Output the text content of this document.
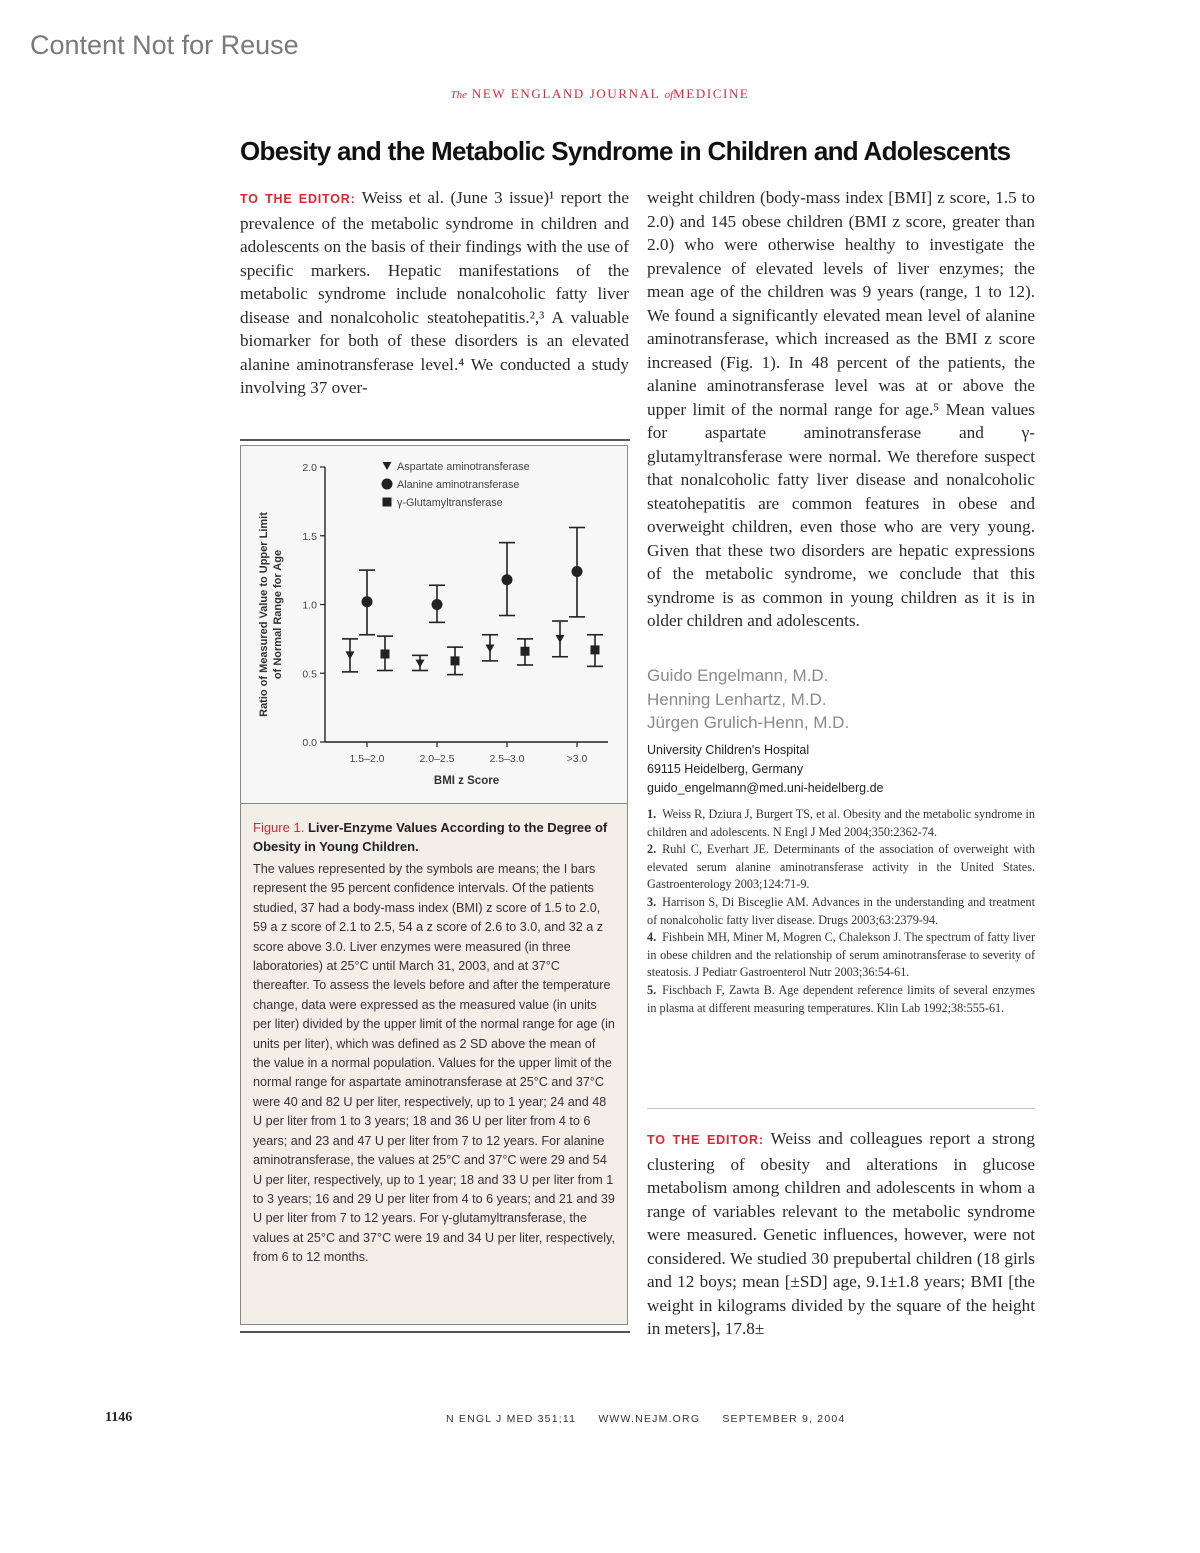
Content Not for Reuse
The NEW ENGLAND JOURNAL ofMEDICINE
Obesity and the Metabolic Syndrome in Children and Adolescents

TO THE EDITOR: Weiss et al. (June 3 issue)¹ report the prevalence of the metabolic syndrome in children and adolescents on the basis of their findings with the use of specific markers. Hepatic manifestations of the metabolic syndrome include nonalcoholic fatty liver disease and nonalcoholic steatohepatitis.²,³ A valuable biomarker for both of these disorders is an elevated alanine aminotransferase level.⁴ We conducted a study involving 37 over-

weight children (body-mass index [BMI] z score, 1.5 to 2.0) and 145 obese children (BMI z score, greater than 2.0) who were otherwise healthy to investigate the prevalence of elevated levels of liver enzymes; the mean age of the children was 9 years (range, 1 to 12). We found a significantly elevated mean level of alanine aminotransferase, which increased as the BMI z score increased (Fig. 1). In 48 percent of the patients, the alanine aminotransferase level was at or above the upper limit of the normal range for age.⁵ Mean values for aspartate aminotransferase and γ-glutamyltransferase were normal. We therefore suspect that nonalcoholic fatty liver disease and nonalcoholic steatohepatitis are common features in obese and overweight children, even those who are very young. Given that these two disorders are hepatic expressions of the metabolic syndrome, we conclude that this syndrome is as common in young children as it is in older children and adolescents.

Guido Engelmann, M.D.
Henning Lenhartz, M.D.
Jürgen Grulich-Henn, M.D.
University Children's Hospital
69115 Heidelberg, Germany
guido_engelmann@med.uni-heidelberg.de

1. Weiss R, Dziura J, Burgert TS, et al. Obesity and the metabolic syndrome in children and adolescents. N Engl J Med 2004;350:2362-74.

2. Ruhl C, Everhart JE. Determinants of the association of overweight with elevated serum alanine aminotransferase activity in the United States. Gastroenterology 2003;124:71-9.

3. Harrison S, Di Bisceglie AM. Advances in the understanding and treatment of nonalcoholic fatty liver disease. Drugs 2003;63:2379-94.

4. Fishbein MH, Miner M, Mogren C, Chalekson J. The spectrum of fatty liver in obese children and the relationship of serum aminotransferase to severity of steatosis. J Pediatr Gastroenterol Nutr 2003;36:54-61.

5. Fischbach F, Zawta B. Age dependent reference limits of several enzymes in plasma at different measuring temperatures. Klin Lab 1992;38:555-61.

TO THE EDITOR: Weiss and colleagues report a strong clustering of obesity and alterations in glucose metabolism among children and adolescents in whom a range of variables relevant to the metabolic syndrome were measured. Genetic influences, however, were not considered. We studied 30 prepubertal children (18 girls and 12 boys; mean [±SD] age, 9.1±1.8 years; BMI [the weight in kilograms divided by the square of the height in meters], 17.8±

0.0
0.5
1.0
1.5
2.0
1.5–2.0	2.0–2.5	2.5–3.0	>3.0
BMI z Score
Ratio of Measured Value to Upper Limit of Normal Range for Age
Aspartate aminotransferase
Alanine aminotransferase
γ-Glutamyltransferase
Figure 1. Liver-Enzyme Values According to the Degree of Obesity in Young Children.
The values represented by the symbols are means; the I bars represent the 95 percent confidence intervals. Of the patients studied, 37 had a body-mass index (BMI) z score of 1.5 to 2.0, 59 a z score of 2.1 to 2.5, 54 a z score of 2.6 to 3.0, and 32 a z score above 3.0. Liver enzymes were measured (in three laboratories) at 25°C until March 31, 2003, and at 37°C thereafter. To assess the levels before and after the temperature change, data were expressed as the measured value (in units per liter) divided by the upper limit of the normal range for age (in units per liter), which was defined as 2 SD above the mean of the value in a normal population. Values for the upper limit of the normal range for aspartate aminotransferase at 25°C and 37°C were 40 and 82 U per liter, respectively, up to 1 year; 24 and 48 U per liter from 1 to 3 years; 18 and 36 U per liter from 4 to 6 years; and 23 and 47 U per liter from 7 to 12 years. For alanine aminotransferase, the values at 25°C and 37°C were 29 and 54 U per liter, respectively, up to 1 year; 18 and 33 U per liter from 1 to 3 years; 16 and 29 U per liter from 4 to 6 years; and 21 and 39 U per liter from 7 to 12 years. For γ-glutamyltransferase, the values at 25°C and 37°C were 19 and 34 U per liter, respectively, from 6 to 12 months.
1146	N ENGL J MED 351;11 WWW.NEJM.ORG SEPTEMBER 9, 2004
